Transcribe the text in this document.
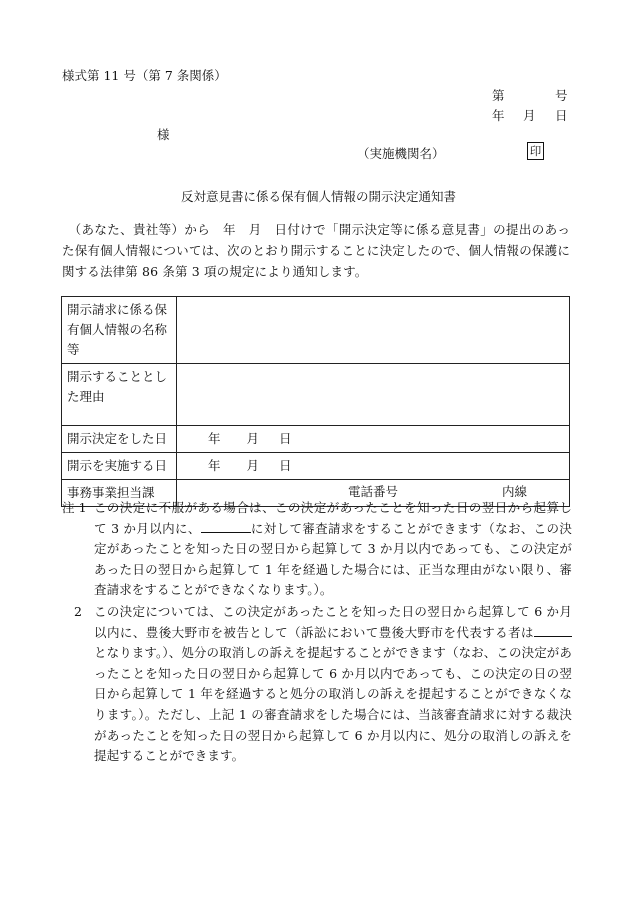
様式第 11 号（第 7 条関係）
第	号
年 月 日
様
（実施機関名）	印
反対意見書に係る保有個人情報の開示決定通知書
　（あなた、貴社等）から　年　月　日付けで「開示決定等に係る意見書」の提出のあった保有個人情報については、次のとおり開示することに決定したので、個人情報の保護に関する法律第 86 条第 3 項の規定により通知します。
開示請求に係る保有個人情報の名称等	
開示することとした理由	
開示決定をした日	年 月 日
開示を実施する日	年 月 日
事務事業担当課	電話番号 内線

注 1 この決定に不服がある場合は、この決定があったことを知った日の翌日から起算して 3 か月以内に、	に対して審査請求をすることができます（なお、この決定があったことを知った日の翌日から起算して 3 か月以内であっても、この決定があった日の翌日から起算して 1 年を経過した場合には、正当な理由がない限り、審査請求をすることができなくなります。）。
2 この決定については、この決定があったことを知った日の翌日から起算して 6 か月以内に、豊後大野市を被告として（訴訟において豊後大野市を代表する者はとなります。）、処分の取消しの訴えを提起することができます（なお、この決定があったことを知った日の翌日から起算して 6 か月以内であっても、この決定の日の翌日から起算して 1 年を経過すると処分の取消しの訴えを提起することができなくなります。）。ただし、上記 1 の審査請求をした場合には、当該審査請求に対する裁決があったことを知った日の翌日から起算して 6 か月以内に、処分の取消しの訴えを提起することができます。
